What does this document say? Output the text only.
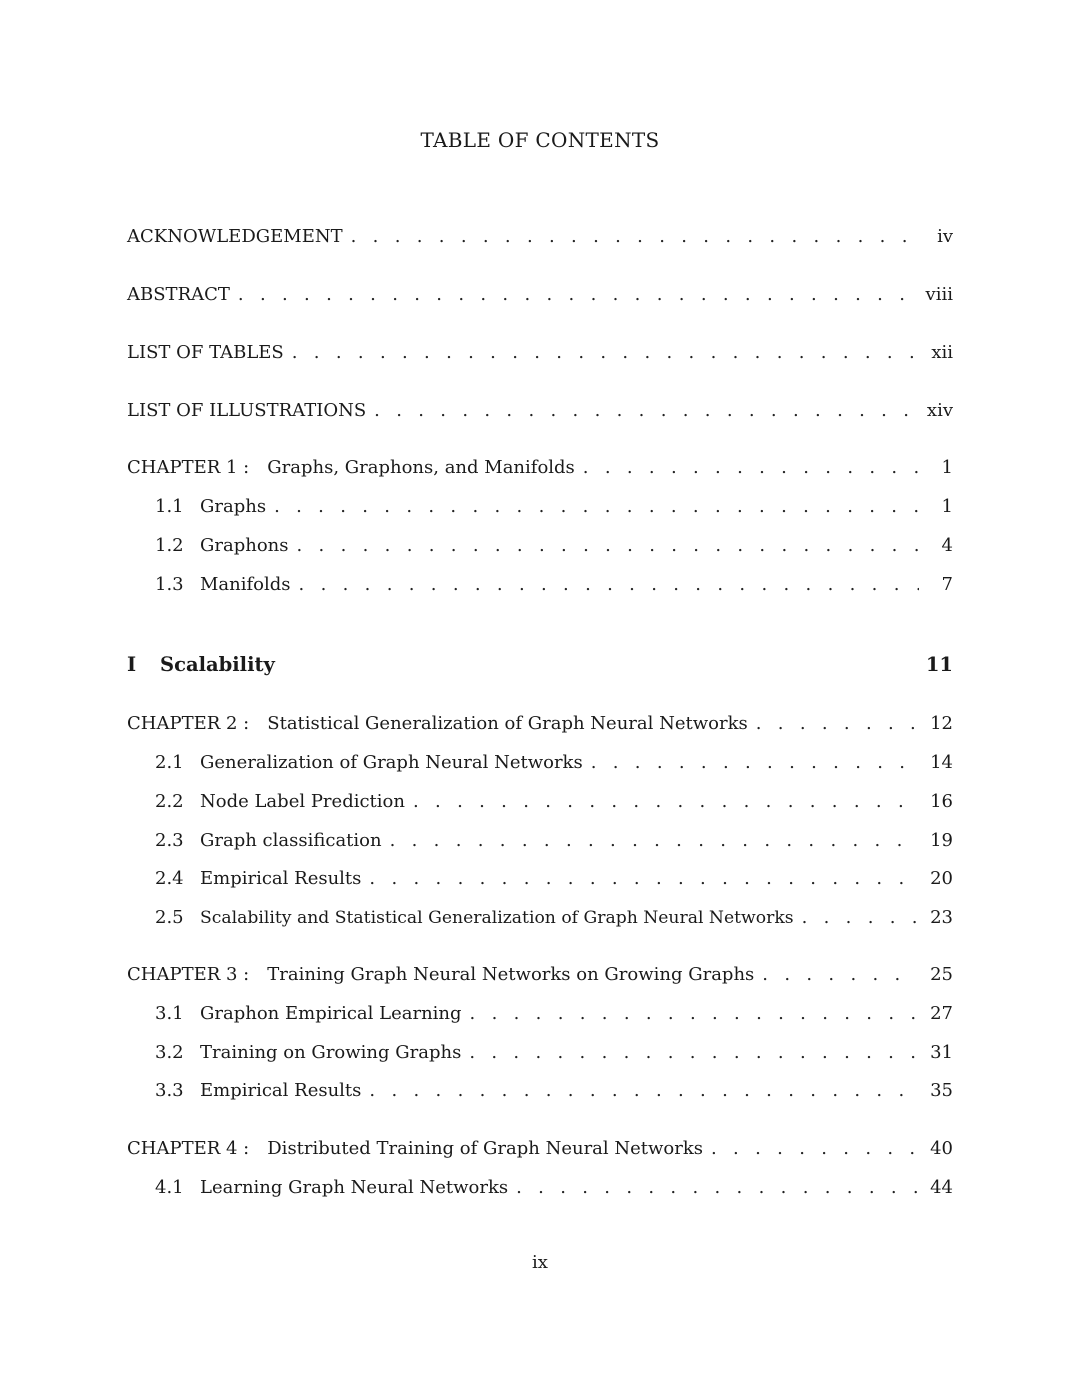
TABLE OF CONTENTS
ACKNOWLEDGEMENT . . .	iv
ABSTRACT . . .	viii
LIST OF TABLES . . .	xii
LIST OF ILLUSTRATIONS . . .	xiv
CHAPTER 1 : Graphs, Graphons, and Manifolds . . .	1
1.1 Graphs . . .	1
1.2 Graphons . . .	4
1.3 Manifolds . . .	7
I	Scalability	11
CHAPTER 2 : Statistical Generalization of Graph Neural Networks . . .	12
2.1 Generalization of Graph Neural Networks . . .	14
2.2 Node Label Prediction . . .	16
2.3 Graph classification . . .	19
2.4 Empirical Results . . .	20
2.5 Scalability and Statistical Generalization of Graph Neural Networks . . .	23
CHAPTER 3 : Training Graph Neural Networks on Growing Graphs . . .	25
3.1 Graphon Empirical Learning . . .	27
3.2 Training on Growing Graphs . . .	31
3.3 Empirical Results . . .	35
CHAPTER 4 : Distributed Training of Graph Neural Networks . . .	40
4.1 Learning Graph Neural Networks . . .	44
ix
